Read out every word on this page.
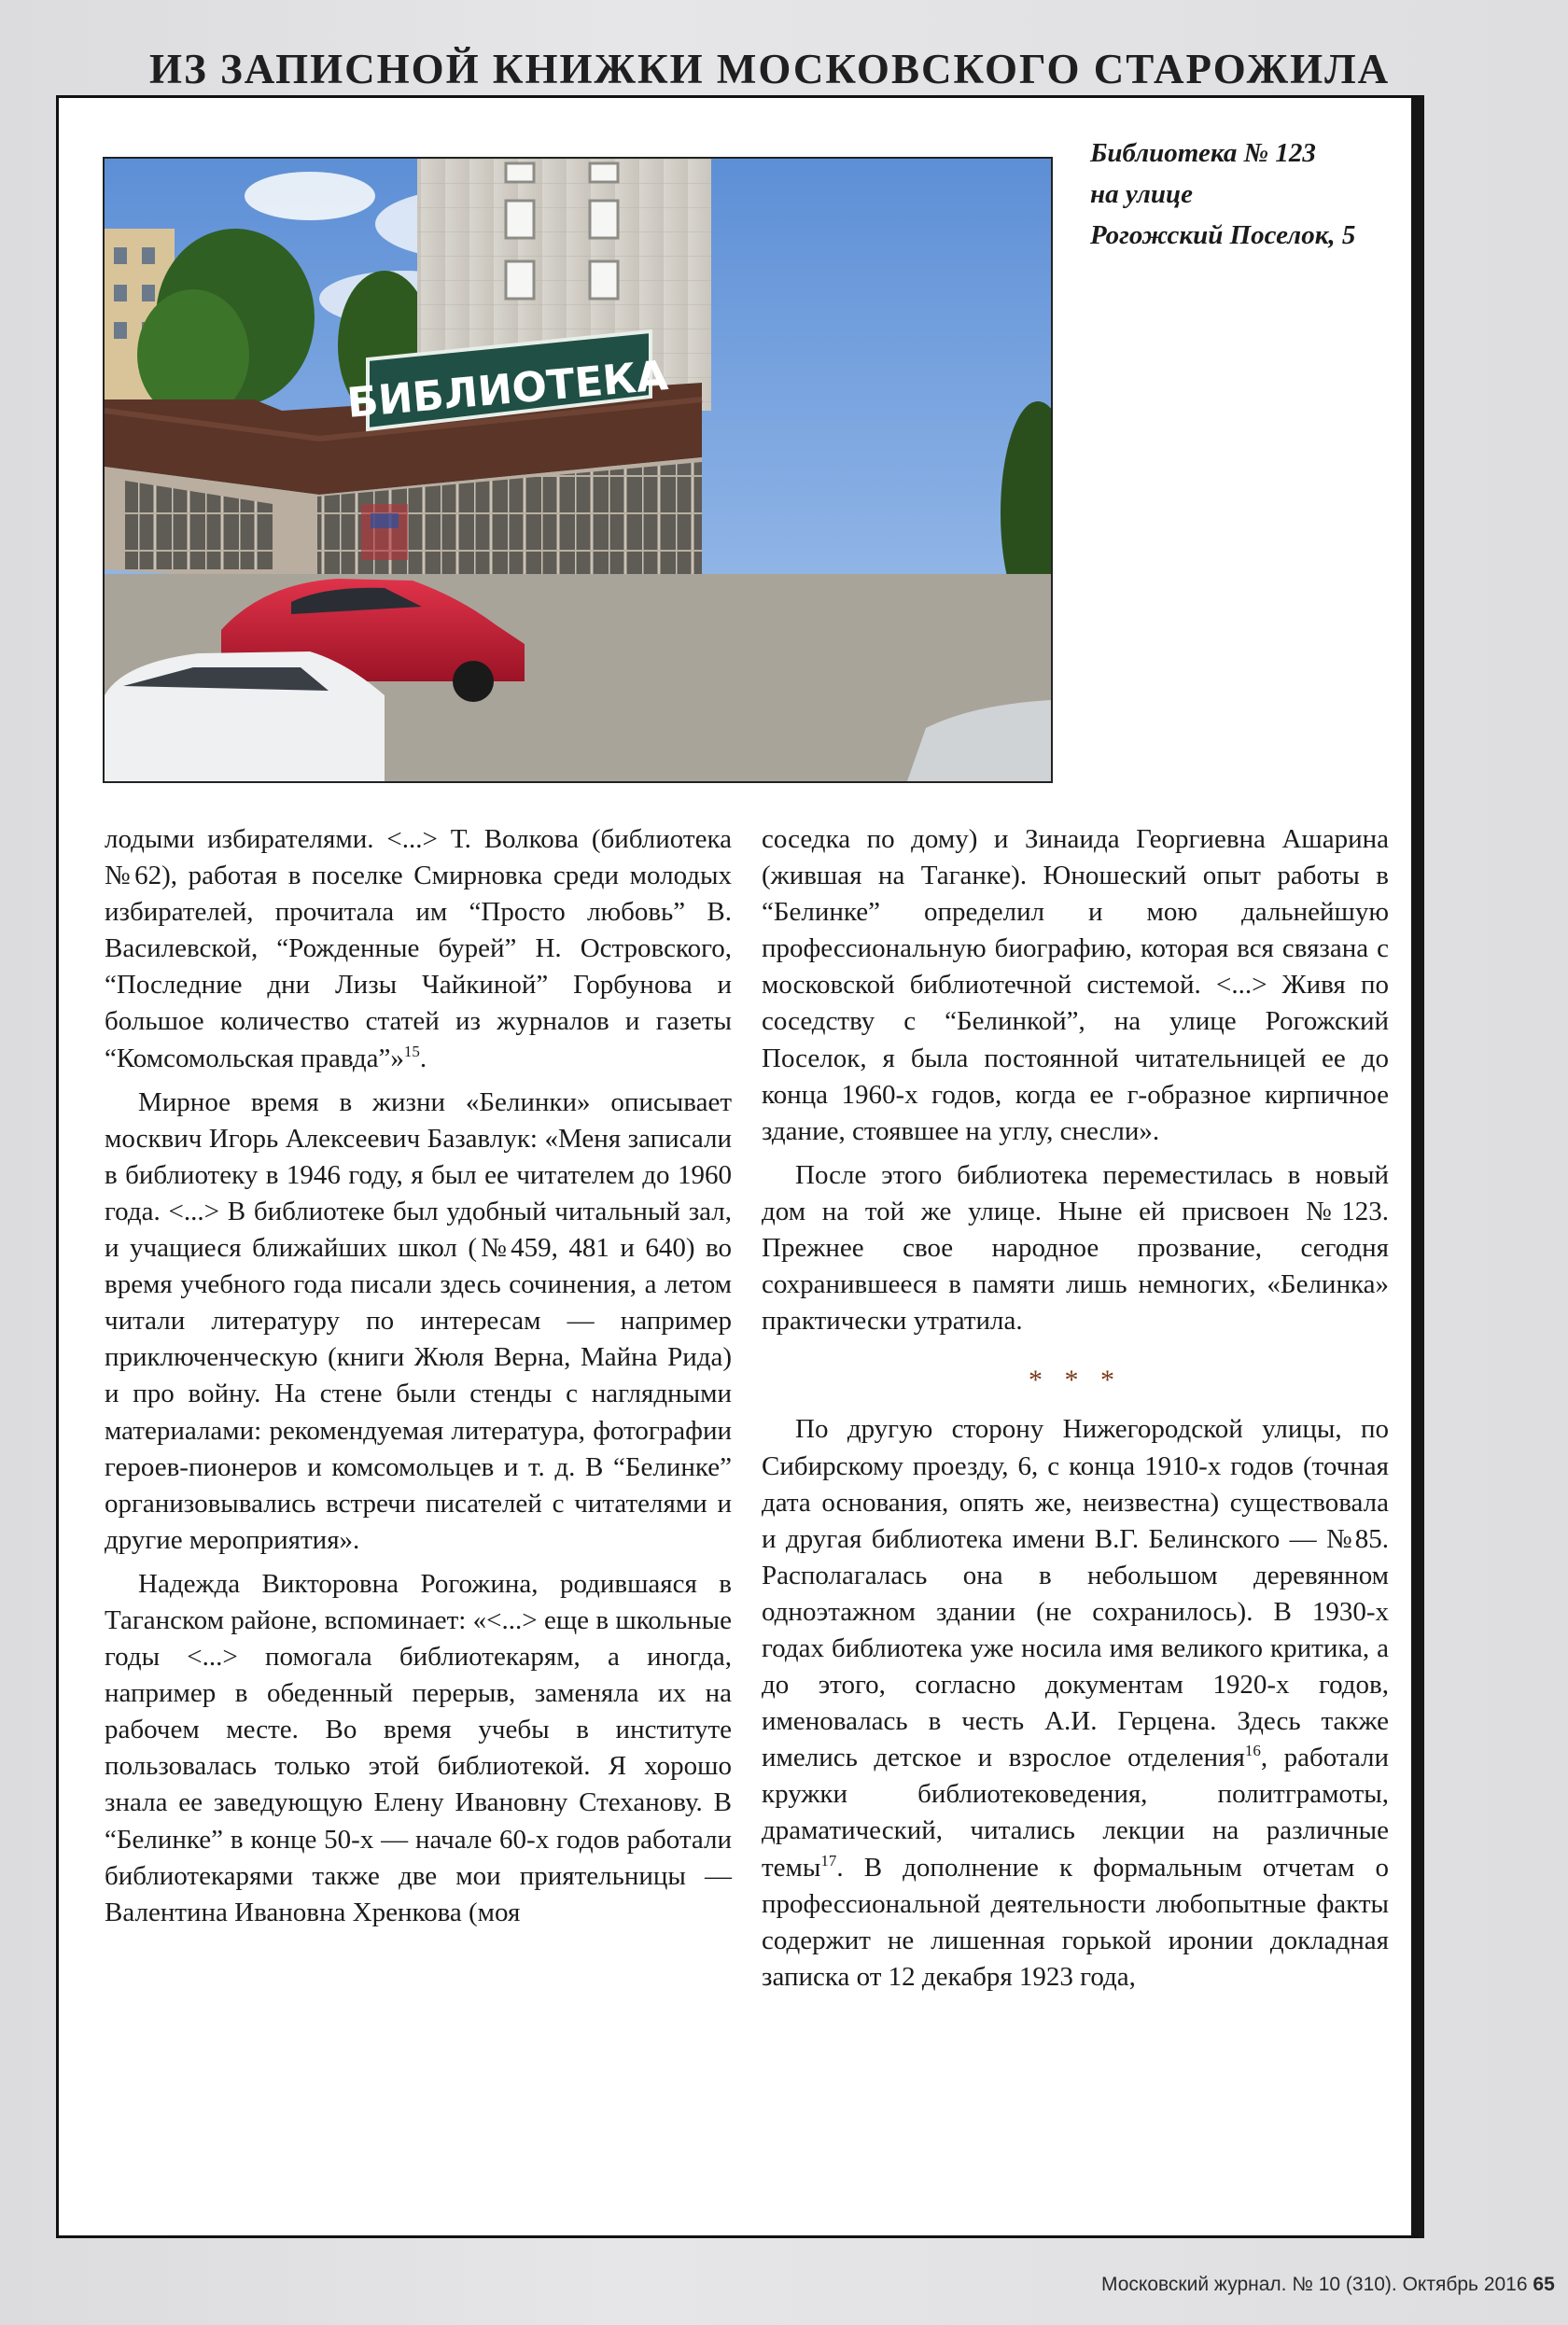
ИЗ ЗАПИСНОЙ КНИЖКИ МОСКОВСКОГО СТАРОЖИЛА
БИБЛИОТЕКА
Библиотека № 123
на улице
Рогожский Поселок, 5

лодыми избирателями. <...> Т. Волкова (библиотека №62), работая в поселке Смирновка среди молодых избирателей, прочитала им “Просто любовь” В. Василевской, “Рожденные бурей” Н. Островского, “Последние дни Лизы Чайкиной” Горбунова и большое количество статей из журналов и газеты “Комсомольская правда”»$^{15}$.

Мирное время в жизни «Белинки» описывает москвич Игорь Алексеевич Базавлук: «Меня записали в библиотеку в 1946 году, я был ее читателем до 1960 года. <...> В библиотеке был удобный читальный зал, и учащиеся ближайших школ (№459, 481 и 640) во время учебного года писали здесь сочинения, а летом читали литературу по интересам — например приключенческую (книги Жюля Верна, Майна Рида) и про войну. На стене были стенды с наглядными материалами: рекомендуемая литература, фотографии героев-пионеров и комсомольцев и т. д. В “Белинке” организовывались встречи писателей с читателями и другие мероприятия».

Надежда Викторовна Рогожина, родившаяся в Таганском районе, вспоминает: «<...> еще в школьные годы <...> помогала библиотекарям, а иногда, например в обеденный перерыв, заменяла их на рабочем месте. Во время учебы в институте пользовалась только этой библиотекой. Я хорошо знала ее заведующую Елену Ивановну Стеханову. В “Белинке” в конце 50-х — начале 60-х годов работали библиотекарями также две мои приятельницы — Валентина Ивановна Хренкова (моя

соседка по дому) и Зинаида Георгиевна Ашарина (жившая на Таганке). Юношеский опыт работы в “Белинке” определил и мою дальнейшую профессиональную биографию, которая вся связана с московской библиотечной системой. <...> Живя по соседству с “Белинкой”, на улице Рогожский Поселок, я была постоянной читательницей ее до конца 1960-х годов, когда ее г-образное кирпичное здание, стоявшее на углу, снесли».

После этого библиотека переместилась в новый дом на той же улице. Ныне ей присвоен №123. Прежнее свое народное прозвание, сегодня сохранившееся в памяти лишь немногих, «Белинка» практически утратила.

* * *

По другую сторону Нижегородской улицы, по Сибирскому проезду, 6, с конца 1910-х годов (точная дата основания, опять же, неизвестна) существовала и другая библиотека имени В.Г. Белинского — №85. Располагалась она в небольшом деревянном одноэтажном здании (не сохранилось). В 1930-х годах библиотека уже носила имя великого критика, а до этого, согласно документам 1920-х годов, именовалась в честь А.И. Герцена. Здесь также имелись детское и взрослое отделения$^{16}$, работали кружки библиотековедения, политграмоты, драматический, читались лекции на различные темы$^{17}$. В дополнение к формальным отчетам о профессиональной деятельности любопытные факты содержит не лишенная горькой иронии докладная записка от 12 декабря 1923 года,

Московский журнал. № 10 (310). Октябрь 2016 65
